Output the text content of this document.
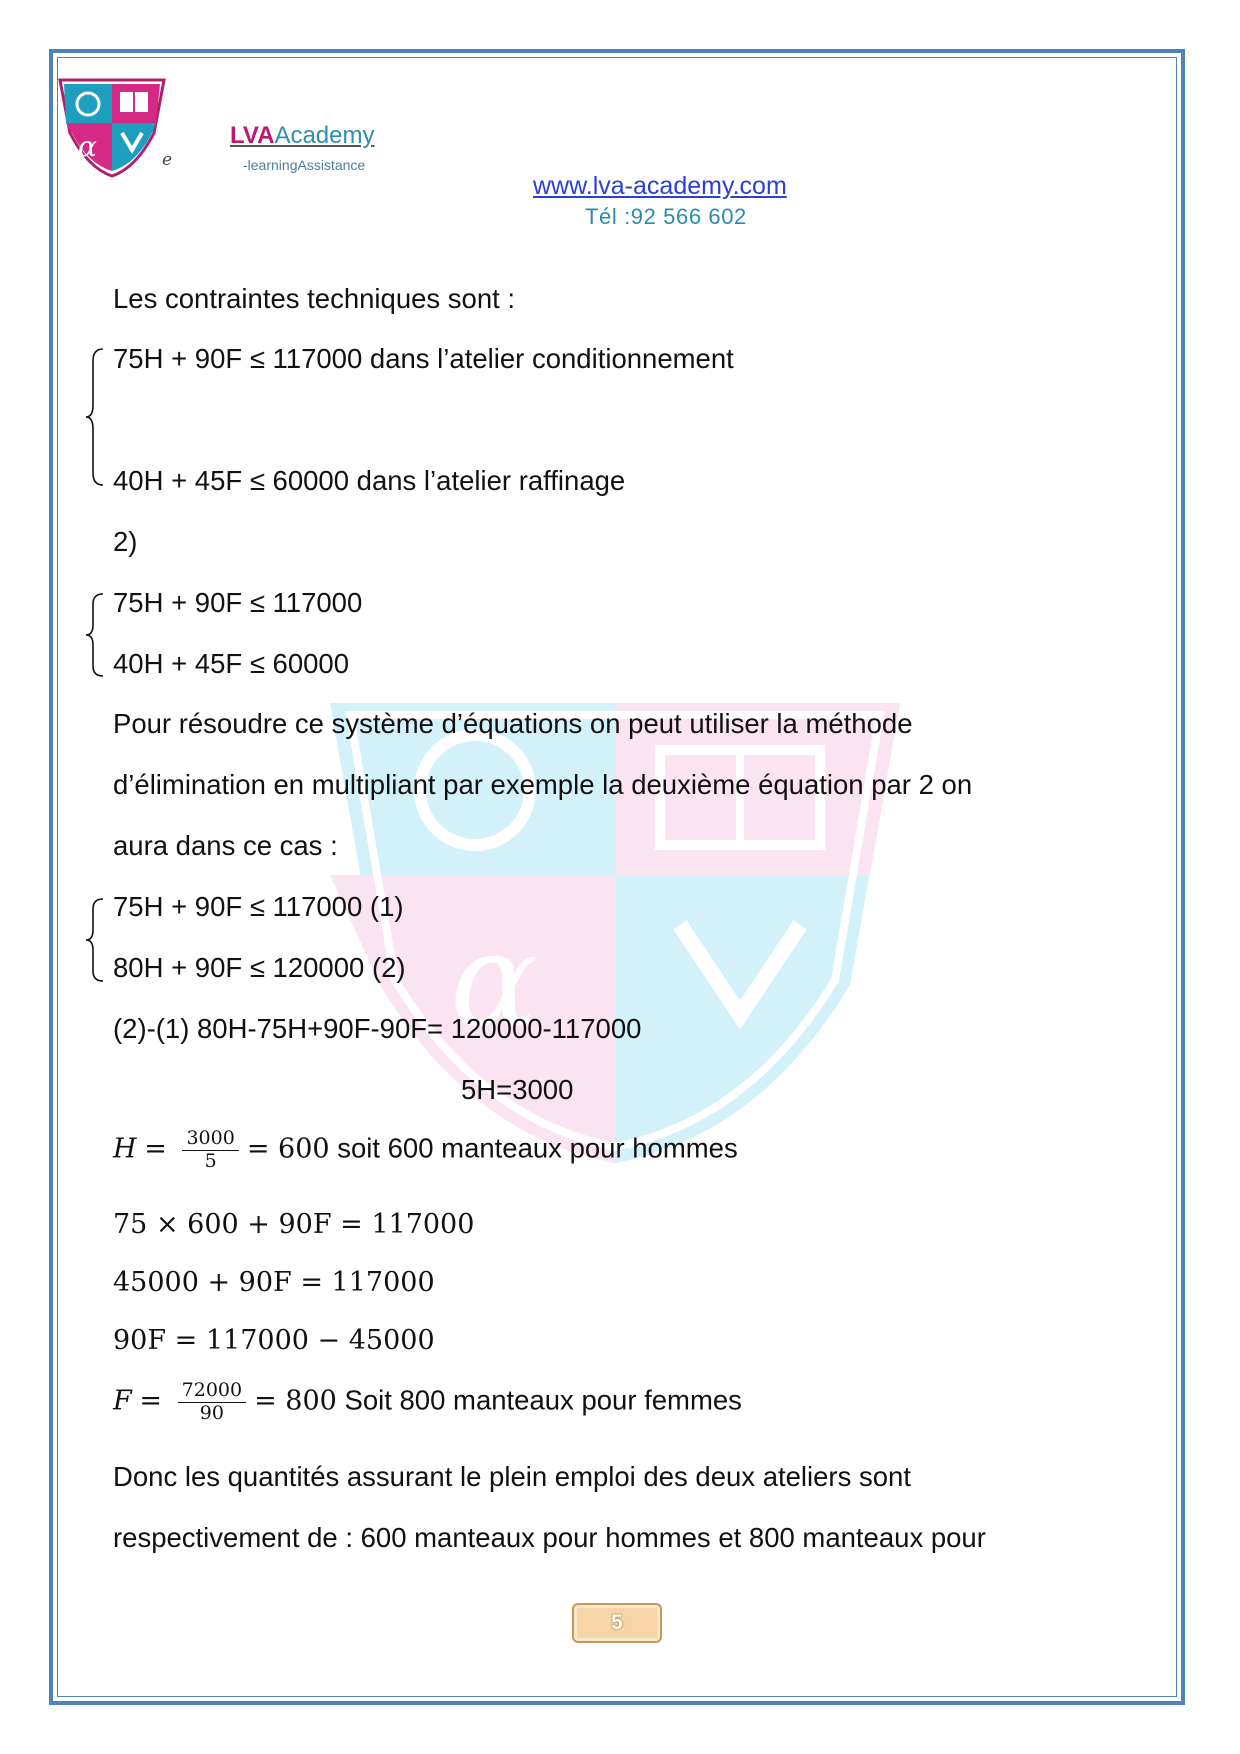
α
α	e
LVAAcademy
-learningAssistance
www.lva-academy.com
Tél :92 566 602
Les contraintes techniques sont :
75H + 90F ≤ 117000 dans l’atelier conditionnement
40H + 45F ≤ 60000 dans l’atelier raffinage
2)
75H + 90F ≤ 117000
40H + 45F ≤ 60000
Pour résoudre ce système d’équations on peut utiliser la méthode
d’élimination en multipliant par exemple la deuxième équation par 2 on
aura dans ce cas :
75H + 90F ≤ 117000 (1)
80H + 90F ≤ 120000 (2)
(2)-(1) 80H-75H+90F-90F= 120000-117000
5H=3000
$H = \frac{3000}{5} = 600$ soit 600 manteaux pour hommes
75 × 600 + 90F = 117000
45000 + 90F = 117000
90F = 117000 − 45000
$F = \frac{72000}{90} = 800$ Soit 800 manteaux pour femmes
Donc les quantités assurant le plein emploi des deux ateliers sont
respectivement de : 600 manteaux pour hommes et 800 manteaux pour
5
